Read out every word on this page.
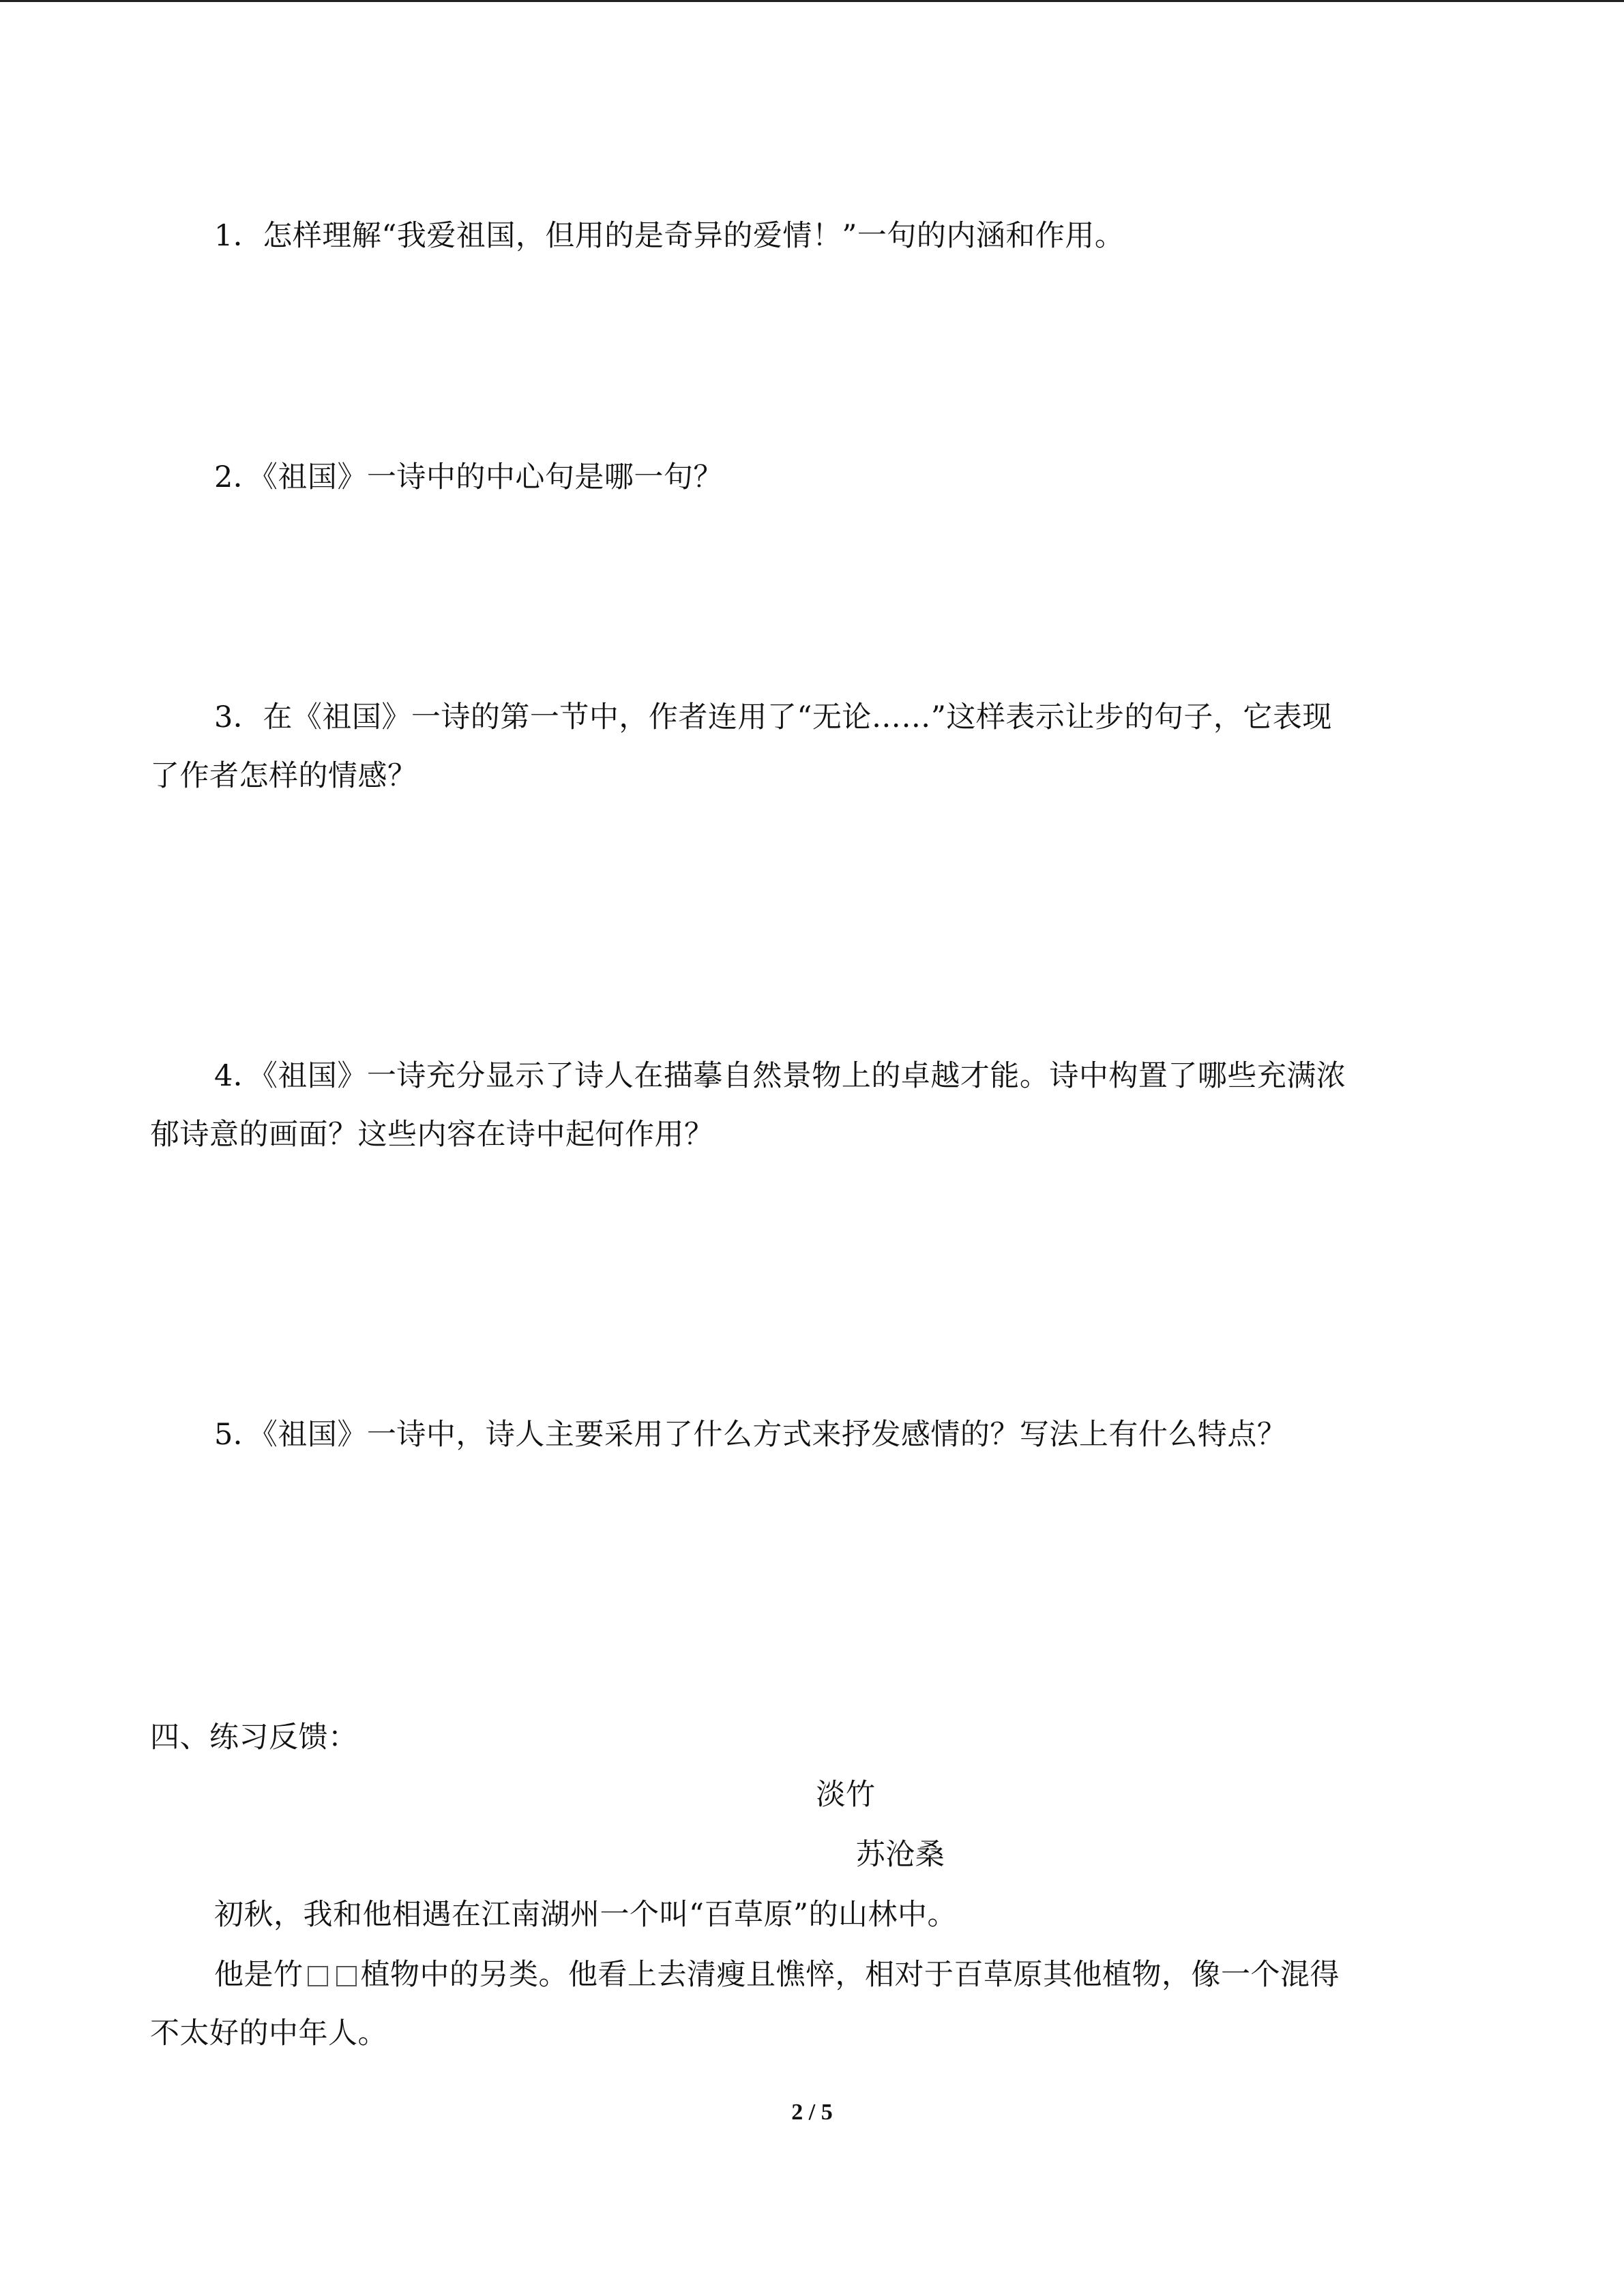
1．怎样理解“我爱祖国，但用的是奇异的爱情！”一句的内涵和作用。
2．《祖国》一诗中的中心句是哪一句？
3．在《祖国》一诗的第一节中，作者连用了“无论……”这样表示让步的句子，它表现
了作者怎样的情感？
4．《祖国》一诗充分显示了诗人在描摹自然景物上的卓越才能。诗中构置了哪些充满浓
郁诗意的画面？这些内容在诗中起何作用？
5．《祖国》一诗中，诗人主要采用了什么方式来抒发感情的？写法上有什么特点？
四、练习反馈：
淡竹
苏沧桑
初秋，我和他相遇在江南湖州一个叫“百草原”的山林中。
他是竹 植物中的另类。他看上去清瘦且憔悴，相对于百草原其他植物，像一个混得
不太好的中年人。
2 / 5
